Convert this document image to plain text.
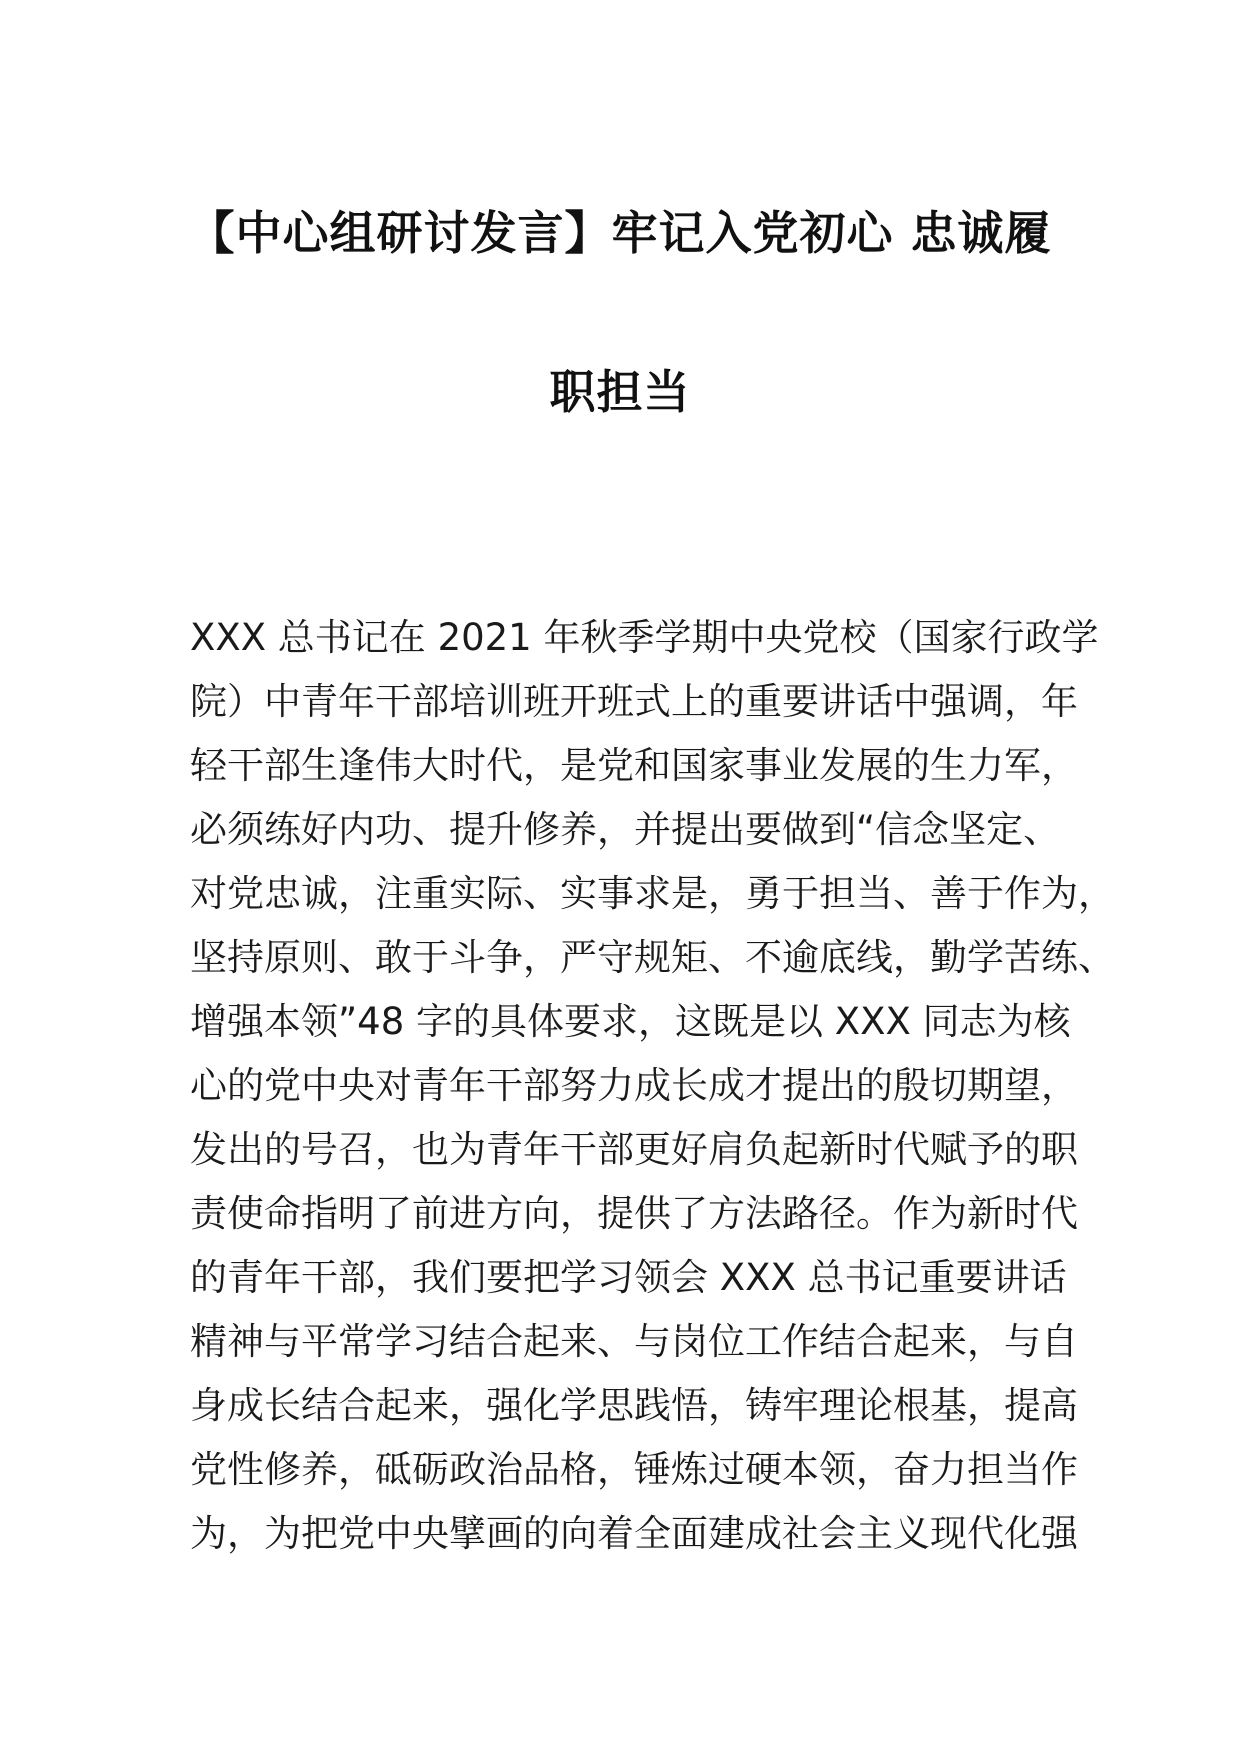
【中心组研讨发言】牢记入党初心 忠诚履
职担当
XXX 总书记在 2021 年秋季学期中央党校（国家行政学
院）中青年干部培训班开班式上的重要讲话中强调，年
轻干部生逢伟大时代，是党和国家事业发展的生力军，
必须练好内功、提升修养，并提出要做到“信念坚定、
对党忠诚，注重实际、实事求是，勇于担当、善于作为，
坚持原则、敢于斗争，严守规矩、不逾底线，勤学苦练、
增强本领”48 字的具体要求，这既是以 XXX 同志为核
心的党中央对青年干部努力成长成才提出的殷切期望，
发出的号召，也为青年干部更好肩负起新时代赋予的职
责使命指明了前进方向，提供了方法路径。作为新时代
的青年干部，我们要把学习领会 XXX 总书记重要讲话
精神与平常学习结合起来、与岗位工作结合起来，与自
身成长结合起来，强化学思践悟，铸牢理论根基，提高
党性修养，砥砺政治品格，锤炼过硬本领，奋力担当作
为，为把党中央擘画的向着全面建成社会主义现代化强
